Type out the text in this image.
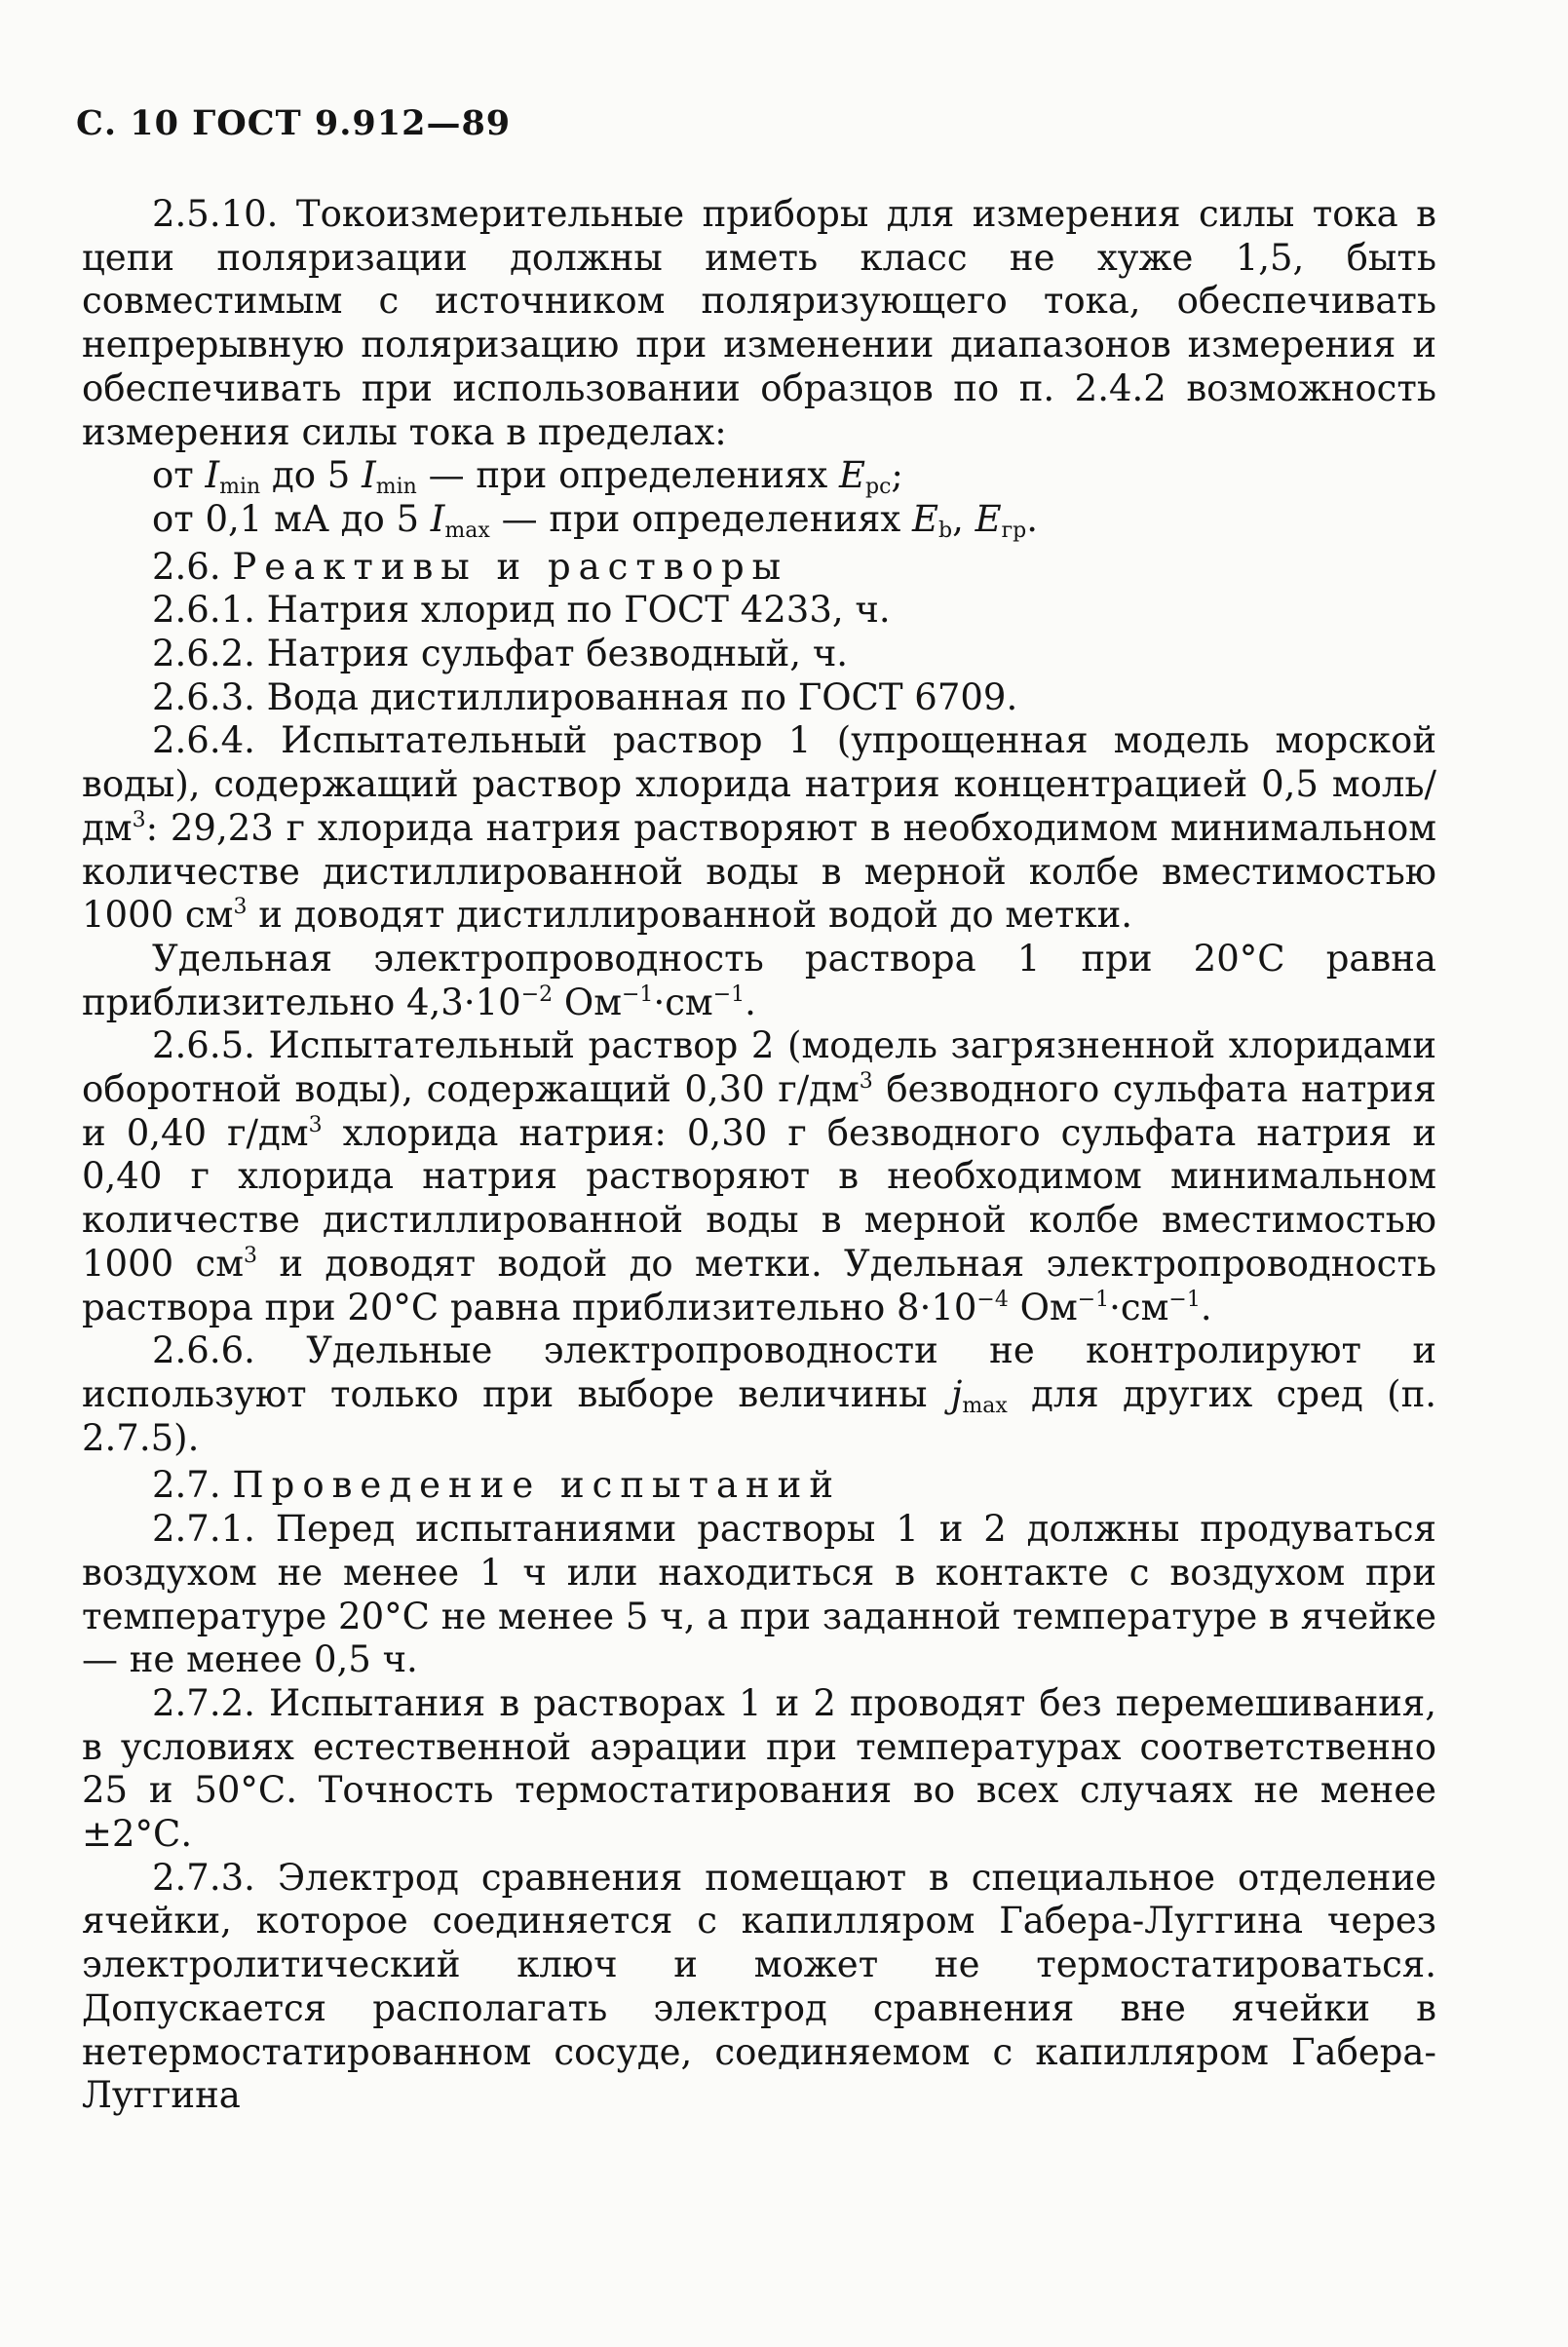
С. 10 ГОСТ 9.912—89

2.5.10. Токоизмерительные приборы для измерения силы тока в цепи поляризации должны иметь класс не хуже 1,5, быть совместимым с источником поляризующего тока, обеспечивать непрерывную поляризацию при изменении диапазонов измерения и обеспечивать при использовании образцов по п. 2.4.2 возможность измерения силы тока в пределах:

от $I_{min}$ до 5 $I_{min}$ — при определениях $E_{pc}$;

от 0,1 мА до 5 $I_{max}$ — при определениях $E_b$, $E_{гр}$.

2.6. Реактивы и растворы

2.6.1. Натрия хлорид по ГОСТ 4233, ч.

2.6.2. Натрия сульфат безводный, ч.

2.6.3. Вода дистиллированная по ГОСТ 6709.

2.6.4. Испытательный раствор 1 (упрощенная модель морской воды), содержащий раствор хлорида натрия концентрацией 0,5 моль/$дм^3$: 29,23 г хлорида натрия растворяют в необходимом минимальном количестве дистиллированной воды в мерной колбе вместимостью 1000 $см^3$ и доводят дистиллированной водой до метки.

Удельная электропроводность раствора 1 при 20°С равна приблизительно $4,3\cdot 10^{-2}$ $Ом^{-1}\cdot см^{-1}$.

2.6.5. Испытательный раствор 2 (модель загрязненной хлоридами оборотной воды), содержащий 0,30 $г/дм^3$ безводного сульфата натрия и 0,40 $г/дм^3$ хлорида натрия: 0,30 г безводного сульфата натрия и 0,40 г хлорида натрия растворяют в необходимом минимальном количестве дистиллированной воды в мерной колбе вместимостью 1000 $см^3$ и доводят водой до метки. Удельная электропроводность раствора при 20°С равна приблизительно $8\cdot 10^{-4}$ $Ом^{-1}\cdot см^{-1}$.

2.6.6. Удельные электропроводности не контролируют и используют только при выборе величины $j_{max}$ для других сред (п. 2.7.5).

2.7. Проведение испытаний

2.7.1. Перед испытаниями растворы 1 и 2 должны продуваться воздухом не менее 1 ч или находиться в контакте с воздухом при температуре 20°С не менее 5 ч, а при заданной температуре в ячейке — не менее 0,5 ч.

2.7.2. Испытания в растворах 1 и 2 проводят без перемешивания, в условиях естественной аэрации при температурах соответственно 25 и 50°С. Точность термостатирования во всех случаях не менее ±2°С.

2.7.3. Электрод сравнения помещают в специальное отделение ячейки, которое соединяется с капилляром Габера-Луггина через электролитический ключ и может не термостатироваться. Допускается располагать электрод сравнения вне ячейки в нетермостатированном сосуде, соединяемом с капилляром Габера-Луггина
